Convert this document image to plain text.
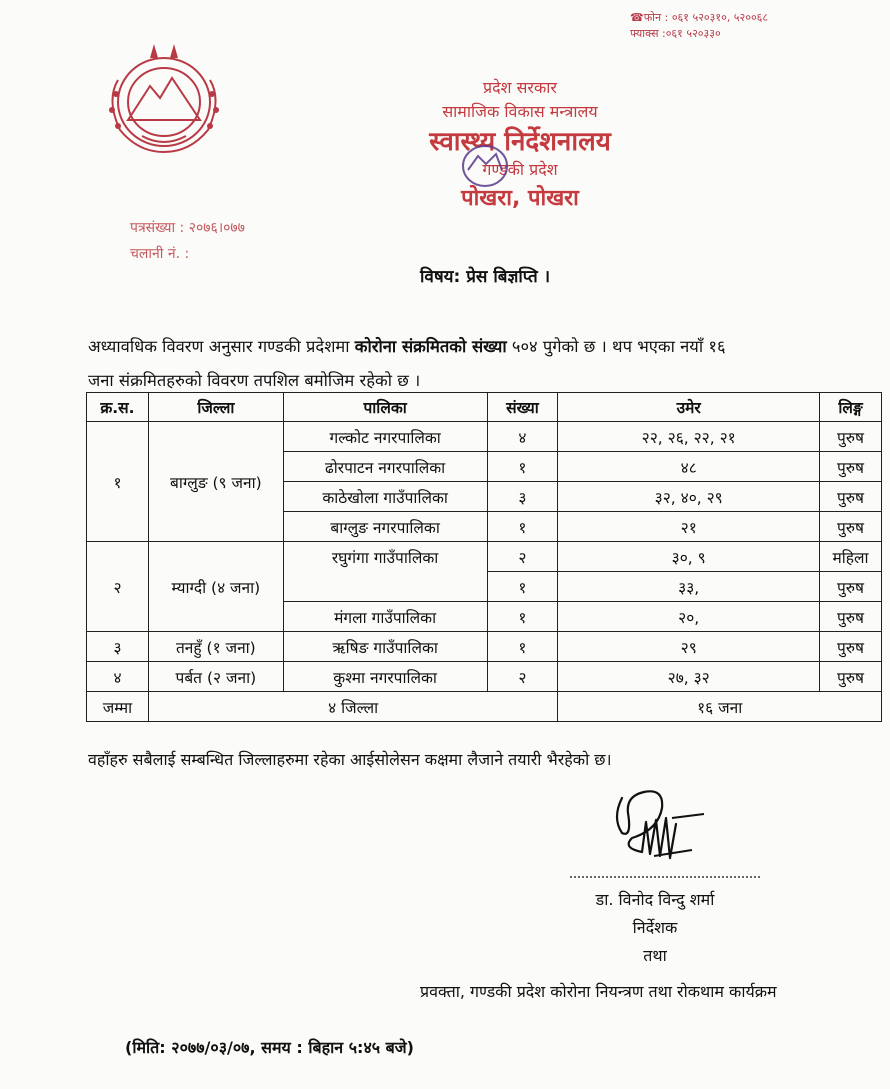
☎फोन : ०६१ ५२०३१०, ५२००६८
फ्याक्स :०६१ ५२०३३०
प्रदेश सरकार
सामाजिक विकास मन्त्रालय
स्वास्थ्य निर्देशनालय
गण्डकी प्रदेश
पोखरा, पोखरा
पत्रसंख्या : २०७६।०७७
चलानी नं. :
विषय: प्रेस बिज्ञप्ति ।
अध्यावधिक विवरण अनुसार गण्डकी प्रदेशमा कोरोना संक्रमितको संख्या ५०४ पुगेको छ । थप भएका नयाँ १६
जना संक्रमितहरुको विवरण तपशिल बमोजिम रहेको छ ।
क्र.स.	जिल्ला	पालिका	संख्या	उमेर	लिङ्ग
१	बाग्लुङ (९ जना)	गल्कोट नगरपालिका	४	२२, २६, २२, २१	पुरुष
		ढोरपाटन नगरपालिका	१	४८	पुरुष
		काठेखोला गाउँपालिका	३	३२, ४०, २९	पुरुष
		बाग्लुङ नगरपालिका	१	२१	पुरुष
२	म्याग्दी (४ जना)	रघुगंगा गाउँपालिका	२	३०, ९	महिला
			१	३३,	पुरुष
		मंगला गाउँपालिका	१	२०,	पुरुष
३	तनहुँ (१ जना)	ऋषिङ गाउँपालिका	१	२९	पुरुष
४	पर्बत (२ जना)	कुश्मा नगरपालिका	२	२७, ३२	पुरुष
जम्मा	४ जिल्ला			१६ जना	
वहाँहरु सबैलाई सम्बन्धित जिल्लाहरुमा रहेका आईसोलेसन कक्षमा लैजाने तयारी भैरहेको छ।
डा. विनोद विन्दु शर्मा
निर्देशक
तथा
प्रवक्ता, गण्डकी प्रदेश कोरोना नियन्त्रण तथा रोकथाम कार्यक्रम
(मिति: २०७७/०३/०७, समय : बिहान ५:४५ बजे)
